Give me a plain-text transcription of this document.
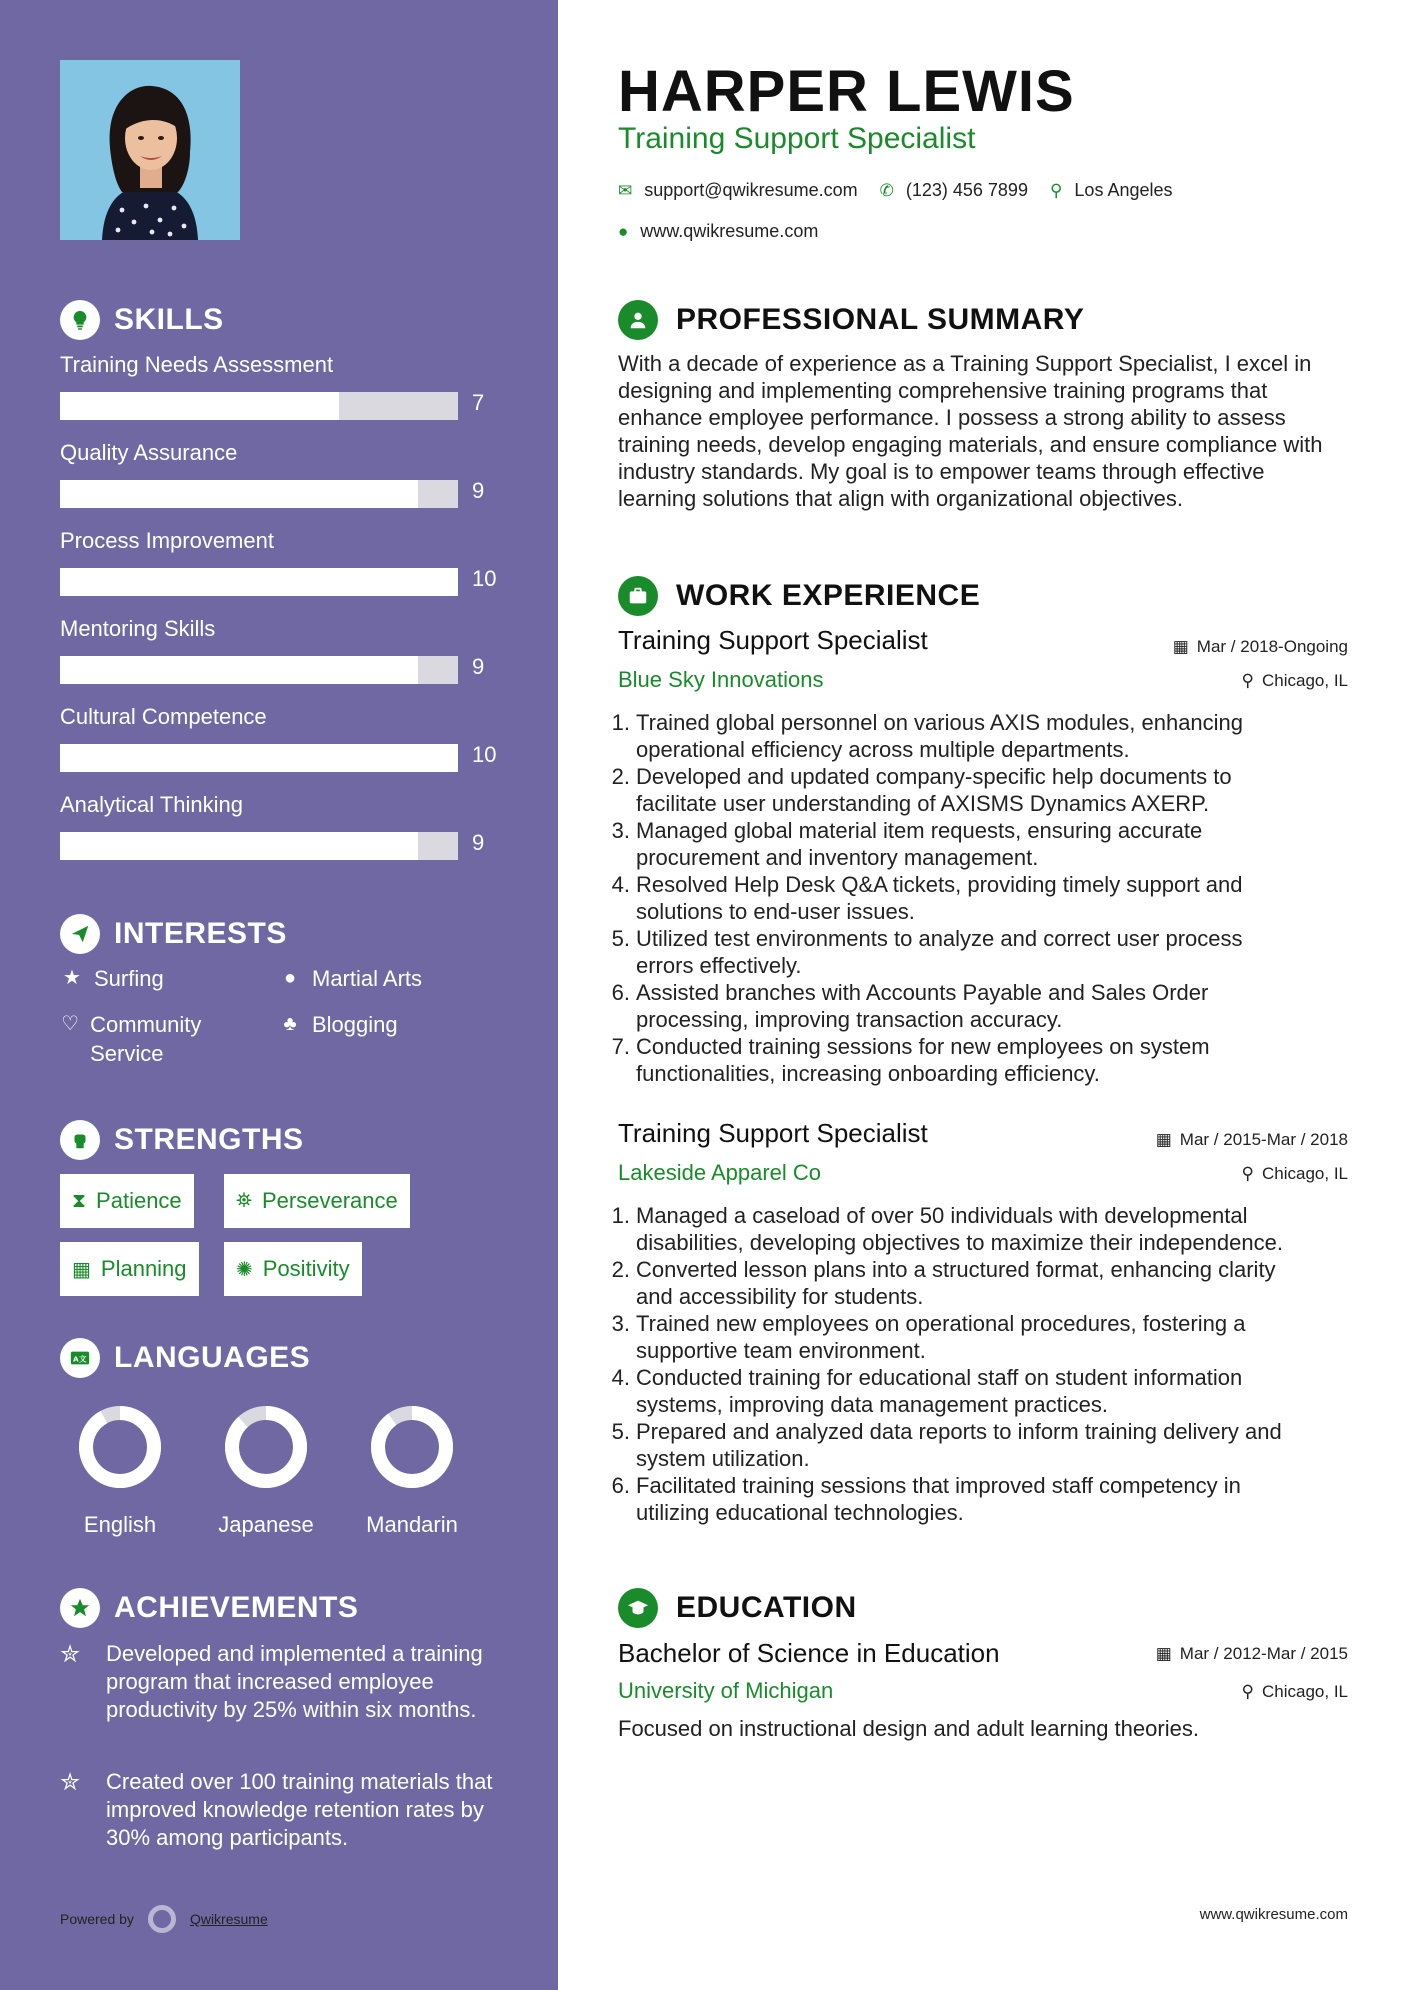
SKILLS
Training Needs Assessment
7
Quality Assurance
9
Process Improvement
10
Mentoring Skills
9
Cultural Competence
10
Analytical Thinking
9
INTERESTS
★ Surfing	● Martial Arts
♡ Community Service
♣ Blogging
STRENGTHS
⧗ Patience	⛯ Perseverance
▦ Planning ✺ Positivity
A文 LANGUAGES
English	Japanese	Mandarin
ACHIEVEMENTS
✮	Developed and implemented a training program that increased employee productivity by 25% within six months.
✮	Created over 100 training materials that improved knowledge retention rates by 30% among participants.
Powered by	Qwikresume
HARPER LEWIS
Training Support Specialist
✉ support@qwikresume.com ✆ (123) 456 7899 ⚲ Los Angeles
● www.qwikresume.com
PROFESSIONAL SUMMARY
With a decade of experience as a Training Support Specialist, I excel in designing and implementing comprehensive training programs that enhance employee performance. I possess a strong ability to assess training needs, develop engaging materials, and ensure compliance with industry standards. My goal is to empower teams through effective learning solutions that align with organizational objectives.
WORK EXPERIENCE
Training Support Specialist	▦ Mar / 2018-Ongoing
Blue Sky Innovations	⚲ Chicago, IL
1. Trained global personnel on various AXIS modules, enhancing
operational efficiency across multiple departments.
2. Developed and updated company-specific help documents to
facilitate user understanding of AXISMS Dynamics AXERP.
3. Managed global material item requests, ensuring accurate
procurement and inventory management.
4. Resolved Help Desk Q&A tickets, providing timely support and
solutions to end-user issues.
5. Utilized test environments to analyze and correct user process
errors effectively.
6. Assisted branches with Accounts Payable and Sales Order
processing, improving transaction accuracy.
7. Conducted training sessions for new employees on system
functionalities, increasing onboarding efficiency.
Training Support Specialist	▦ Mar / 2015-Mar / 2018
Lakeside Apparel Co	⚲ Chicago, IL
1. Managed a caseload of over 50 individuals with developmental
disabilities, developing objectives to maximize their independence.
2. Converted lesson plans into a structured format, enhancing clarity
and accessibility for students.
3. Trained new employees on operational procedures, fostering a
supportive team environment.
4. Conducted training for educational staff on student information
systems, improving data management practices.
5. Prepared and analyzed data reports to inform training delivery and
system utilization.
6. Facilitated training sessions that improved staff competency in
utilizing educational technologies.
EDUCATION
Bachelor of Science in Education	▦ Mar / 2012-Mar / 2015
University of Michigan	⚲ Chicago, IL
Focused on instructional design and adult learning theories.
www.qwikresume.com
